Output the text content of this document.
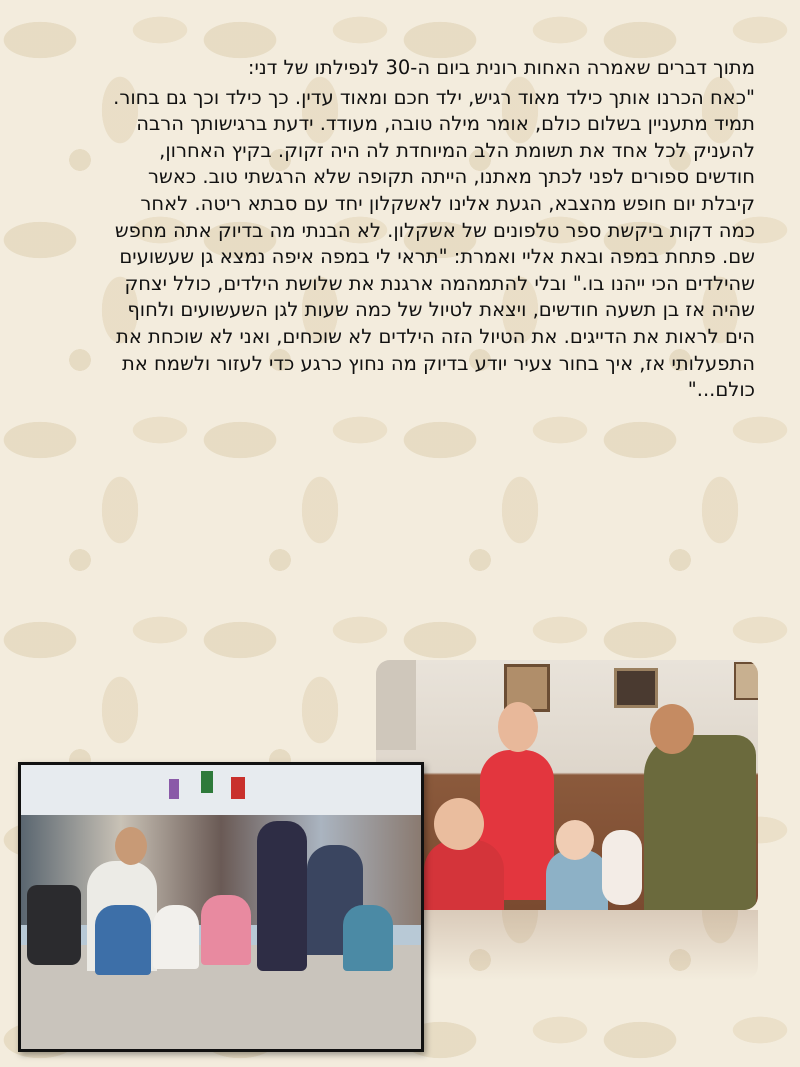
מתוך דברים שאמרה האחות רונית ביום ה-30 לנפילתו של דני:

"כאח הכרנו אותך כילד מאוד רגיש, ילד חכם ומאוד עדין. כך כילד וכך גם בחור. תמיד מתעניין בשלום כולם, אומר מילה טובה, מעודד. ידעת ברגישותך הרבה להעניק לכל אחד את תשומת הלב המיוחדת לה היה זקוק. בקיץ האחרון, חודשים ספורים לפני לכתך מאתנו, הייתה תקופה שלא הרגשתי טוב. כאשר קיבלת יום חופש מהצבא, הגעת אלינו לאשקלון יחד עם סבתא ריטה. לאחר כמה דקות ביקשת ספר טלפונים של אשקלון. לא הבנתי מה בדיוק אתה מחפש שם. פתחת במפה ובאת אליי ואמרת: "תראי לי במפה איפה נמצא גן שעשועים שהילדים הכי ייהנו בו." ובלי להתמהמה ארגנת את שלושת הילדים, כולל יצחק שהיה אז בן תשעה חודשים, ויצאת לטיול של כמה שעות לגן השעשועים ולחוף הים לראות את הדייגים. את הטיול הזה הילדים לא שוכחים, ואני לא שוכחת את התפעלותי אז, איך בחור צעיר יודע בדיוק מה נחוץ כרגע כדי לעזור ולשמח את כולם..."
